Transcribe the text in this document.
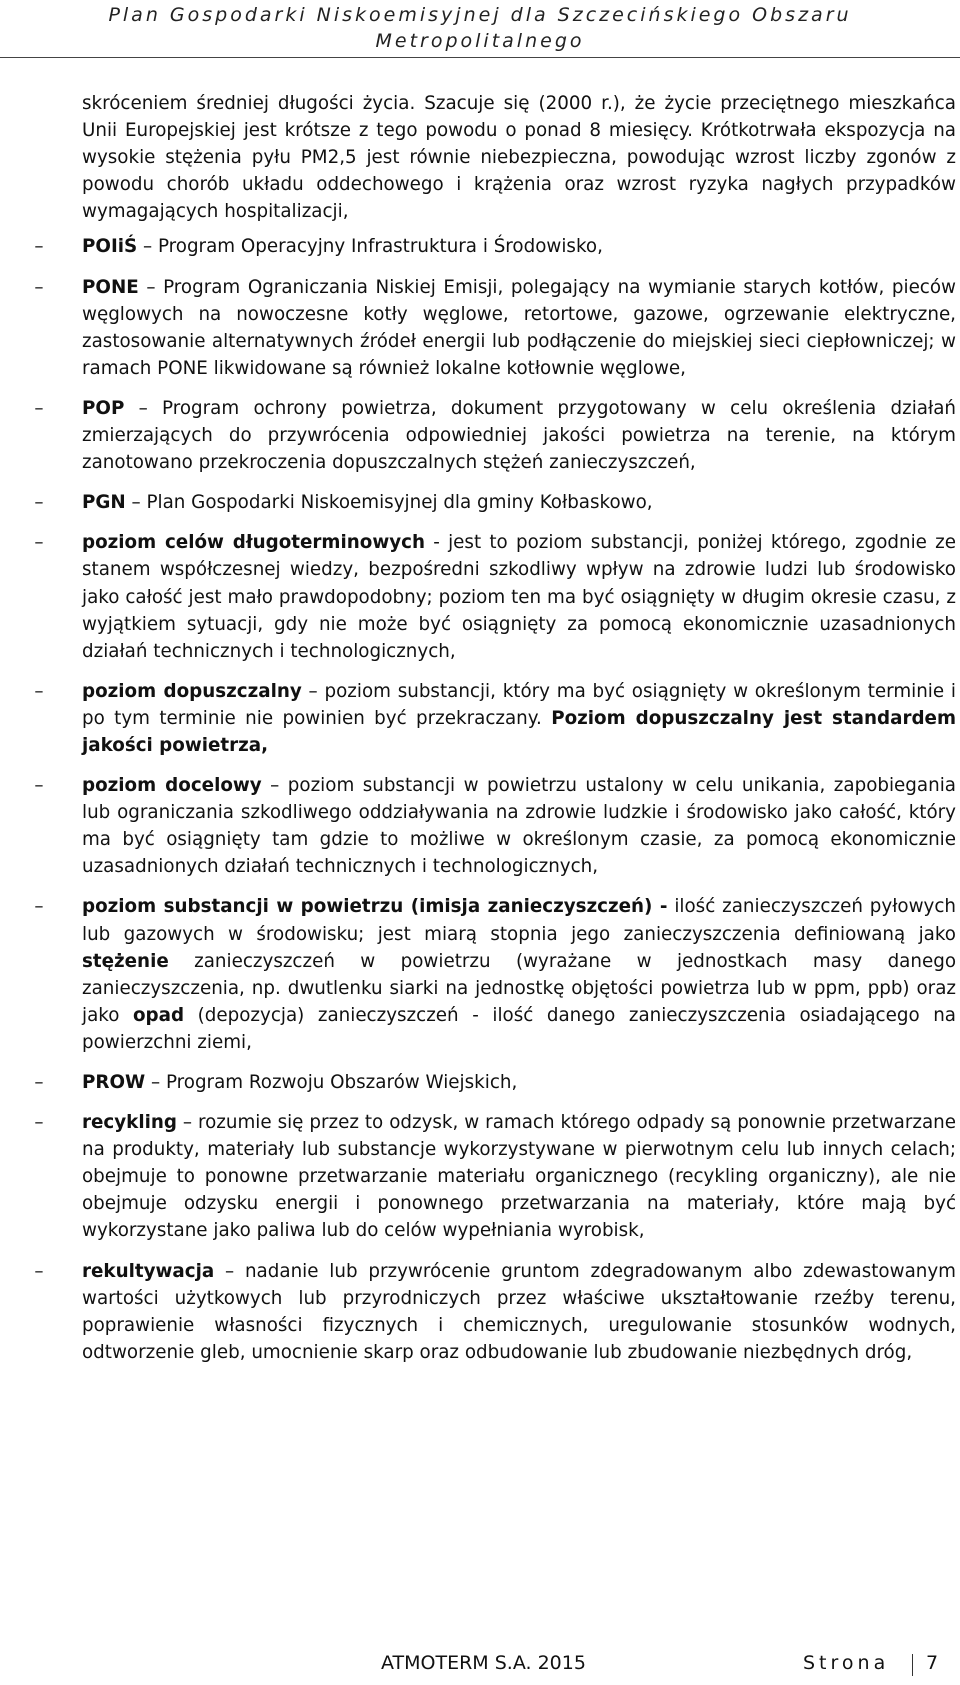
Plan Gospodarki Niskoemisyjnej dla Szczecińskiego Obszaru
Metropolitalnego

skróceniem średniej długości życia. Szacuje się (2000 r.), że życie przeciętnego mieszkańca Unii Europejskiej jest krótsze z tego powodu o ponad 8 miesięcy. Krótkotrwała ekspozycja na wysokie stężenia pyłu PM2,5 jest równie niebezpieczna, powodując wzrost liczby zgonów z powodu chorób układu oddechowego i krążenia oraz wzrost ryzyka nagłych przypadków wymagających hospitalizacji,

–	POIiŚ – Program Operacyjny Infrastruktura i Środowisko,
–	PONE – Program Ograniczania Niskiej Emisji, polegający na wymianie starych kotłów, pieców węglowych na nowoczesne kotły węglowe, retortowe, gazowe, ogrzewanie elektryczne, zastosowanie alternatywnych źródeł energii lub podłączenie do miejskiej sieci ciepłowniczej; w ramach PONE likwidowane są również lokalne kotłownie węglowe,
–	POP – Program ochrony powietrza, dokument przygotowany w celu określenia działań zmierzających do przywrócenia odpowiedniej jakości powietrza na terenie, na którym zanotowano przekroczenia dopuszczalnych stężeń zanieczyszczeń,
–	PGN – Plan Gospodarki Niskoemisyjnej dla gminy Kołbaskowo,
–	poziom celów długoterminowych - jest to poziom substancji, poniżej którego, zgodnie ze stanem współczesnej wiedzy, bezpośredni szkodliwy wpływ na zdrowie ludzi lub środowisko jako całość jest mało prawdopodobny; poziom ten ma być osiągnięty w długim okresie czasu, z wyjątkiem sytuacji, gdy nie może być osiągnięty za pomocą ekonomicznie uzasadnionych działań technicznych i technologicznych,
–	poziom dopuszczalny – poziom substancji, który ma być osiągnięty w określonym terminie i po tym terminie nie powinien być przekraczany. Poziom dopuszczalny jest standardem jakości powietrza,
–	poziom docelowy – poziom substancji w powietrzu ustalony w celu unikania, zapobiegania lub ograniczania szkodliwego oddziaływania na zdrowie ludzkie i środowisko jako całość, który ma być osiągnięty tam gdzie to możliwe w określonym czasie, za pomocą ekonomicznie uzasadnionych działań technicznych i technologicznych,
–	poziom substancji w powietrzu (imisja zanieczyszczeń) - ilość zanieczyszczeń pyłowych lub gazowych w środowisku; jest miarą stopnia jego zanieczyszczenia definiowaną jako stężenie zanieczyszczeń w powietrzu (wyrażane w jednostkach masy danego zanieczyszczenia, np. dwutlenku siarki na jednostkę objętości powietrza lub w ppm, ppb) oraz jako opad (depozycja) zanieczyszczeń - ilość danego zanieczyszczenia osiadającego na powierzchni ziemi,
–	PROW – Program Rozwoju Obszarów Wiejskich,
–	recykling – rozumie się przez to odzysk, w ramach którego odpady są ponownie przetwarzane na produkty, materiały lub substancje wykorzystywane w pierwotnym celu lub innych celach; obejmuje to ponowne przetwarzanie materiału organicznego (recykling organiczny), ale nie obejmuje odzysku energii i ponownego przetwarzania na materiały, które mają być wykorzystane jako paliwa lub do celów wypełniania wyrobisk,
–	rekultywacja – nadanie lub przywrócenie gruntom zdegradowanym albo zdewastowanym wartości użytkowych lub przyrodniczych przez właściwe ukształtowanie rzeźby terenu, poprawienie własności fizycznych i chemicznych, uregulowanie stosunków wodnych, odtworzenie gleb, umocnienie skarp oraz odbudowanie lub zbudowanie niezbędnych dróg,
ATMOTERM S.A. 2015	Strona 7
